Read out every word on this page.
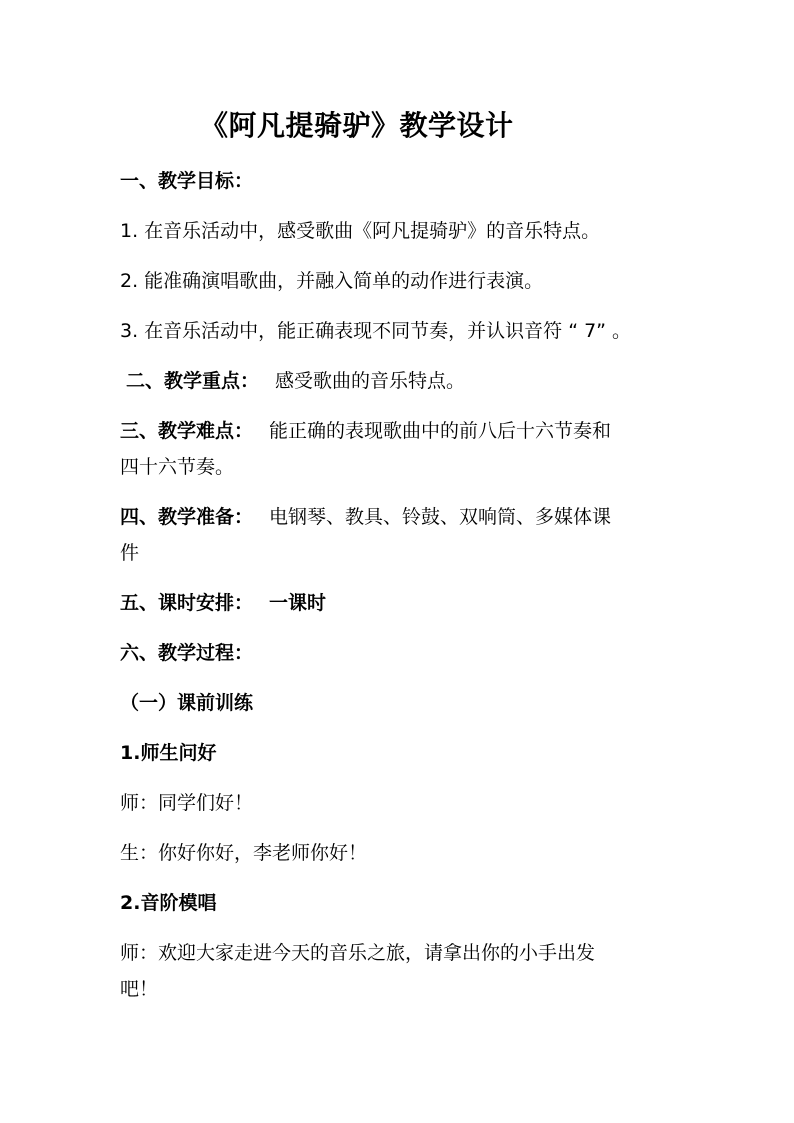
《阿凡提骑驴》教学设计
一、教学目标：
1. 在音乐活动中，感受歌曲《阿凡提骑驴》的音乐特点。
2. 能准确演唱歌曲，并融入简单的动作进行表演。
3. 在音乐活动中，能正确表现不同节奏，并认识音符 “ 7” 。
二、教学重点： 感受歌曲的音乐特点。
三、教学难点： 能正确的表现歌曲中的前八后十六节奏和
四十六节奏。
四、教学准备： 电钢琴、教具、铃鼓、双响筒、多媒体课
件
五、课时安排： 一课时
六、教学过程：
（一）课前训练
1.师生问好
师：同学们好！
生：你好你好，李老师你好！
2.音阶模唱
师：欢迎大家走进今天的音乐之旅，请拿出你的小手出发
吧！
